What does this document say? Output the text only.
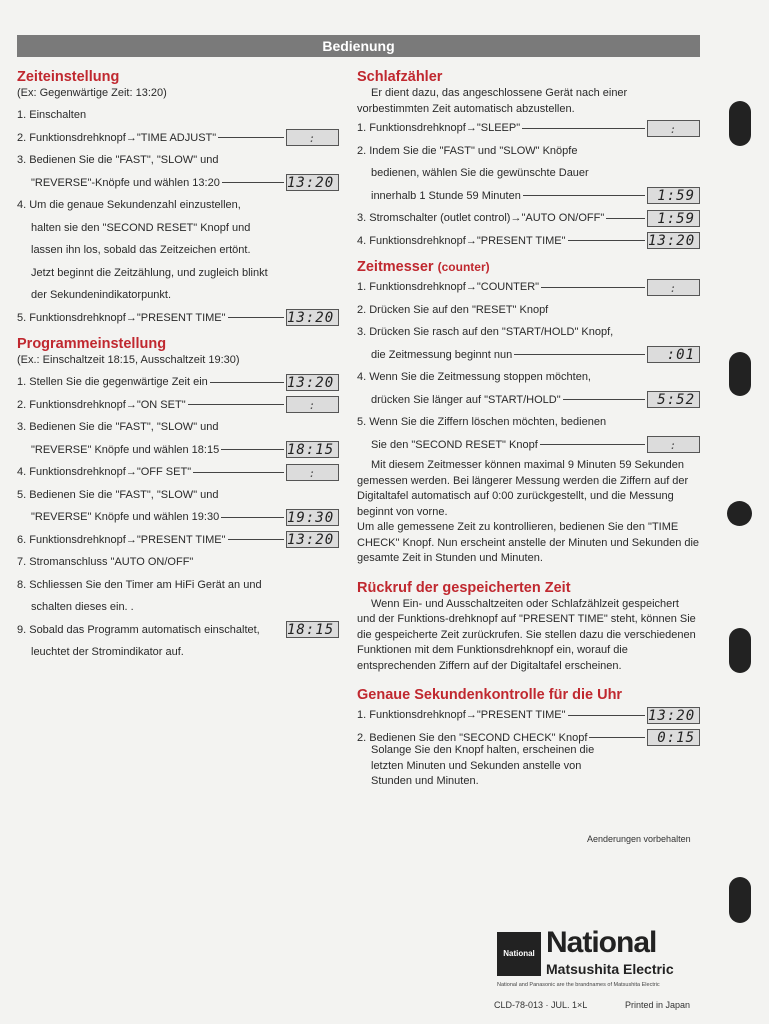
Bedienung
Zeiteinstellung
(Ex: Gegenwärtige Zeit: 13:20)
1. Einschalten
2. Funktionsdrehknopf→"TIME ADJUST"	:
3. Bedienen Sie die "FAST", "SLOW" und
"REVERSE"-Knöpfe und wählen 13:20	13:20
4. Um die genaue Sekundenzahl einzustellen,
halten sie den "SECOND RESET" Knopf und
lassen ihn los, sobald das Zeitzeichen ertönt.
Jetzt beginnt die Zeitzählung, und zugleich blinkt
der Sekundenindikatorpunkt.
5. Funktionsdrehknopf→"PRESENT TIME"	13:20
Programmeinstellung
(Ex.: Einschaltzeit 18:15, Ausschaltzeit 19:30)
1. Stellen Sie die gegenwärtige Zeit ein	13:20
2. Funktionsdrehknopf→"ON SET"	:
3. Bedienen Sie die "FAST", "SLOW" und
"REVERSE" Knöpfe und wählen 18:15	18:15
4. Funktionsdrehknopf→"OFF SET"	:
5. Bedienen Sie die "FAST", "SLOW" und
"REVERSE" Knöpfe und wählen 19:30	19:30
6. Funktionsdrehknopf→"PRESENT TIME"	13:20
7. Stromanschluss "AUTO ON/OFF"
8. Schliessen Sie den Timer am HiFi Gerät an und
schalten dieses ein. .
9. Sobald das Programm automatisch einschaltet, 18:15
leuchtet der Stromindikator auf.
Schlafzähler
Er dient dazu, das angeschlossene Gerät nach einer vorbestimmten Zeit automatisch abzustellen.
1. Funktionsdrehknopf→"SLEEP"	:
2. Indem Sie die "FAST" und "SLOW" Knöpfe
bedienen, wählen Sie die gewünschte Dauer
innerhalb 1 Stunde 59 Minuten	1:59
3. Stromschalter (outlet control)→"AUTO ON/OFF"	1:59
4. Funktionsdrehknopf→"PRESENT TIME"	13:20
Zeitmesser (counter)
1. Funktionsdrehknopf→"COUNTER"	:
2. Drücken Sie auf den "RESET" Knopf
3. Drücken Sie rasch auf den "START/HOLD" Knopf,
die Zeitmessung beginnt nun	:01
4. Wenn Sie die Zeitmessung stoppen möchten,
drücken Sie länger auf "START/HOLD"	5:52
5. Wenn Sie die Ziffern löschen möchten, bedienen
Sie den "SECOND RESET" Knopf	:
Mit diesem Zeitmesser können maximal 9 Minuten 59 Sekunden gemessen werden. Bei längerer Messung werden die Ziffern auf der Digitaltafel automatisch auf 0:00 zurückgestellt, und die Messung beginnt von vorne.
Um alle gemessene Zeit zu kontrollieren, bedienen Sie den "TIME CHECK" Knopf. Nun erscheint anstelle der Minuten und Sekunden die gesamte Zeit in Stunden und Minuten.
Rückruf der gespeicherten Zeit
Wenn Ein- und Ausschaltzeiten oder Schlafzählzeit gespeichert und der Funktions-drehknopf auf "PRESENT TIME" steht, können Sie die gespeicherte Zeit zurückrufen. Sie stellen dazu die verschiedenen Funktionen mit dem Funktionsdrehknopf ein, worauf die entsprechenden Ziffern auf der Digitaltafel erscheinen.
Genaue Sekundenkontrolle für die Uhr
1. Funktionsdrehknopf→"PRESENT TIME"	13:20
2. Bedienen Sie den "SECOND CHECK" Knopf	0:15
Solange Sie den Knopf halten, erscheinen die letzten Minuten und Sekunden anstelle von Stunden und Minuten.
Aenderungen vorbehalten
National National
Matsushita Electric
National and Panasonic are the brandnames of Matsushita Electric
CLD-78-013 · JUL. 1×L	Printed in Japan
